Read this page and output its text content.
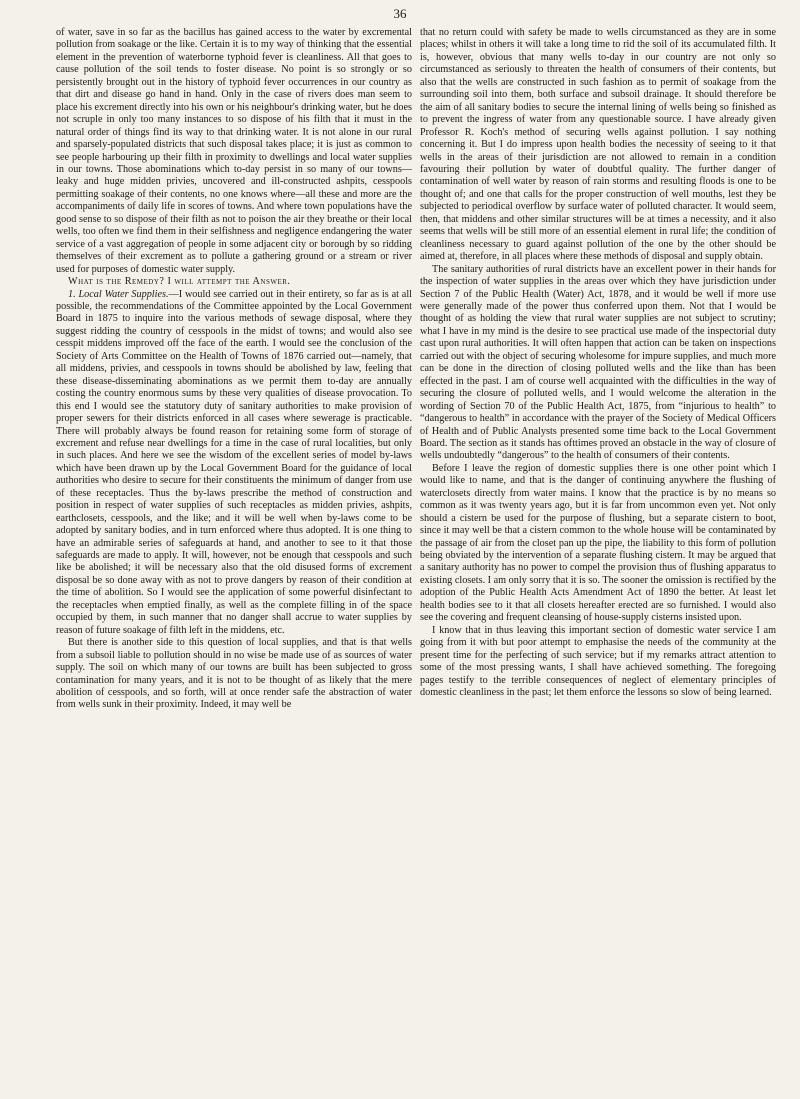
36

of water, save in so far as the bacillus has gained access to the water by excremental pollution from soakage or the like. Certain it is to my way of thinking that the essential element in the prevention of waterborne typhoid fever is cleanliness. All that goes to cause pollution of the soil tends to foster disease. No point is so strongly or so persistently brought out in the history of typhoid fever occurrences in our country as that dirt and disease go hand in hand. Only in the case of rivers does man seem to place his excrement directly into his own or his neighbour's drinking water, but he does not scruple in only too many instances to so dispose of his filth that it must in the natural order of things find its way to that drinking water. It is not alone in our rural and sparsely-populated districts that such disposal takes place; it is just as common to see people harbouring up their filth in proximity to dwellings and local water supplies in our towns. Those abominations which to-day persist in so many of our towns—leaky and huge midden privies, uncovered and ill-constructed ashpits, cesspools permitting soakage of their contents, no one knows where—all these and more are the accompaniments of daily life in scores of towns. And where town populations have the good sense to so dispose of their filth as not to poison the air they breathe or their local wells, too often we find them in their selfishness and negligence endangering the water service of a vast aggregation of people in some adjacent city or borough by so ridding themselves of their excrement as to pollute a gathering ground or a stream or river used for purposes of domestic water supply.

What is the Remedy? I will attempt the Answer.

1. Local Water Supplies.—I would see carried out in their entirety, so far as is at all possible, the recommendations of the Committee appointed by the Local Government Board in 1875 to inquire into the various methods of sewage disposal, where they suggest ridding the country of cesspools in the midst of towns; and would also see cesspit middens improved off the face of the earth. I would see the conclusion of the Society of Arts Committee on the Health of Towns of 1876 carried out—namely, that all middens, privies, and cesspools in towns should be abolished by law, feeling that these disease-disseminating abominations as we permit them to-day are annually costing the country enormous sums by these very qualities of disease provocation. To this end I would see the statutory duty of sanitary authorities to make provision of proper sewers for their districts enforced in all cases where sewerage is practicable. There will probably always be found reason for retaining some form of storage of excrement and refuse near dwellings for a time in the case of rural localities, but only in such places. And here we see the wisdom of the excellent series of model by-laws which have been drawn up by the Local Government Board for the guidance of local authorities who desire to secure for their constituents the minimum of danger from use of these receptacles. Thus the by-laws prescribe the method of construction and position in respect of water supplies of such receptacles as midden privies, ashpits, earthclosets, cesspools, and the like; and it will be well when by-laws come to be adopted by sanitary bodies, and in turn enforced where thus adopted. It is one thing to have an admirable series of safeguards at hand, and another to see to it that those safeguards are made to apply. It will, however, not be enough that cesspools and such like be abolished; it will be necessary also that the old disused forms of excrement disposal be so done away with as not to prove dangers by reason of their condition at the time of abolition. So I would see the application of some powerful disinfectant to the receptacles when emptied finally, as well as the complete filling in of the space occupied by them, in such manner that no danger shall accrue to water supplies by reason of future soakage of filth left in the middens, etc.

But there is another side to this question of local supplies, and that is that wells from a subsoil liable to pollution should in no wise be made use of as sources of water supply. The soil on which many of our towns are built has been subjected to gross contamination for many years, and it is not to be thought of as likely that the mere abolition of cesspools, and so forth, will at once render safe the abstraction of water from wells sunk in their proximity. Indeed, it may well be

that no return could with safety be made to wells circumstanced as they are in some places; whilst in others it will take a long time to rid the soil of its accumulated filth. It is, however, obvious that many wells to-day in our country are not only so circumstanced as seriously to threaten the health of consumers of their contents, but also that the wells are constructed in such fashion as to permit of soakage from the surrounding soil into them, both surface and subsoil drainage. It should therefore be the aim of all sanitary bodies to secure the internal lining of wells being so finished as to prevent the ingress of water from any questionable source. I have already given Professor R. Koch's method of securing wells against pollution. I say nothing concerning it. But I do impress upon health bodies the necessity of seeing to it that wells in the areas of their jurisdiction are not allowed to remain in a condition favouring their pollution by water of doubtful quality. The further danger of contamination of well water by reason of rain storms and resulting floods is one to be thought of; and one that calls for the proper construction of well mouths, lest they be subjected to periodical overflow by surface water of polluted character. It would seem, then, that middens and other similar structures will be at times a necessity, and it also seems that wells will be still more of an essential element in rural life; the condition of cleanliness necessary to guard against pollution of the one by the other should be aimed at, therefore, in all places where these methods of disposal and supply obtain.

The sanitary authorities of rural districts have an excellent power in their hands for the inspection of water supplies in the areas over which they have jurisdiction under Section 7 of the Public Health (Water) Act, 1878, and it would be well if more use were generally made of the power thus conferred upon them. Not that I would be thought of as holding the view that rural water supplies are not subject to scrutiny; what I have in my mind is the desire to see practical use made of the inspectorial duty cast upon rural authorities. It will often happen that action can be taken on inspections carried out with the object of securing wholesome for impure supplies, and much more can be done in the direction of closing polluted wells and the like than has been effected in the past. I am of course well acquainted with the difficulties in the way of securing the closure of polluted wells, and I would welcome the alteration in the wording of Section 70 of the Public Health Act, 1875, from “injurious to health” to “dangerous to health” in accordance with the prayer of the Society of Medical Officers of Health and of Public Analysts presented some time back to the Local Government Board. The section as it stands has ofttimes proved an obstacle in the way of closure of wells undoubtedly “dangerous” to the health of consumers of their contents.

Before I leave the region of domestic supplies there is one other point which I would like to name, and that is the danger of continuing anywhere the flushing of waterclosets directly from water mains. I know that the practice is by no means so common as it was twenty years ago, but it is far from uncommon even yet. Not only should a cistern be used for the purpose of flushing, but a separate cistern to boot, since it may well be that a cistern common to the whole house will be contaminated by the passage of air from the closet pan up the pipe, the liability to this form of pollution being obviated by the intervention of a separate flushing cistern. It may be argued that a sanitary authority has no power to compel the provision thus of flushing apparatus to existing closets. I am only sorry that it is so. The sooner the omission is rectified by the adoption of the Public Health Acts Amendment Act of 1890 the better. At least let health bodies see to it that all closets hereafter erected are so furnished. I would also see the covering and frequent cleansing of house-supply cisterns insisted upon.

I know that in thus leaving this important section of domestic water service I am going from it with but poor attempt to emphasise the needs of the community at the present time for the perfecting of such service; but if my remarks attract attention to some of the most pressing wants, I shall have achieved something. The foregoing pages testify to the terrible consequences of neglect of elementary principles of domestic cleanliness in the past; let them enforce the lessons so slow of being learned.
